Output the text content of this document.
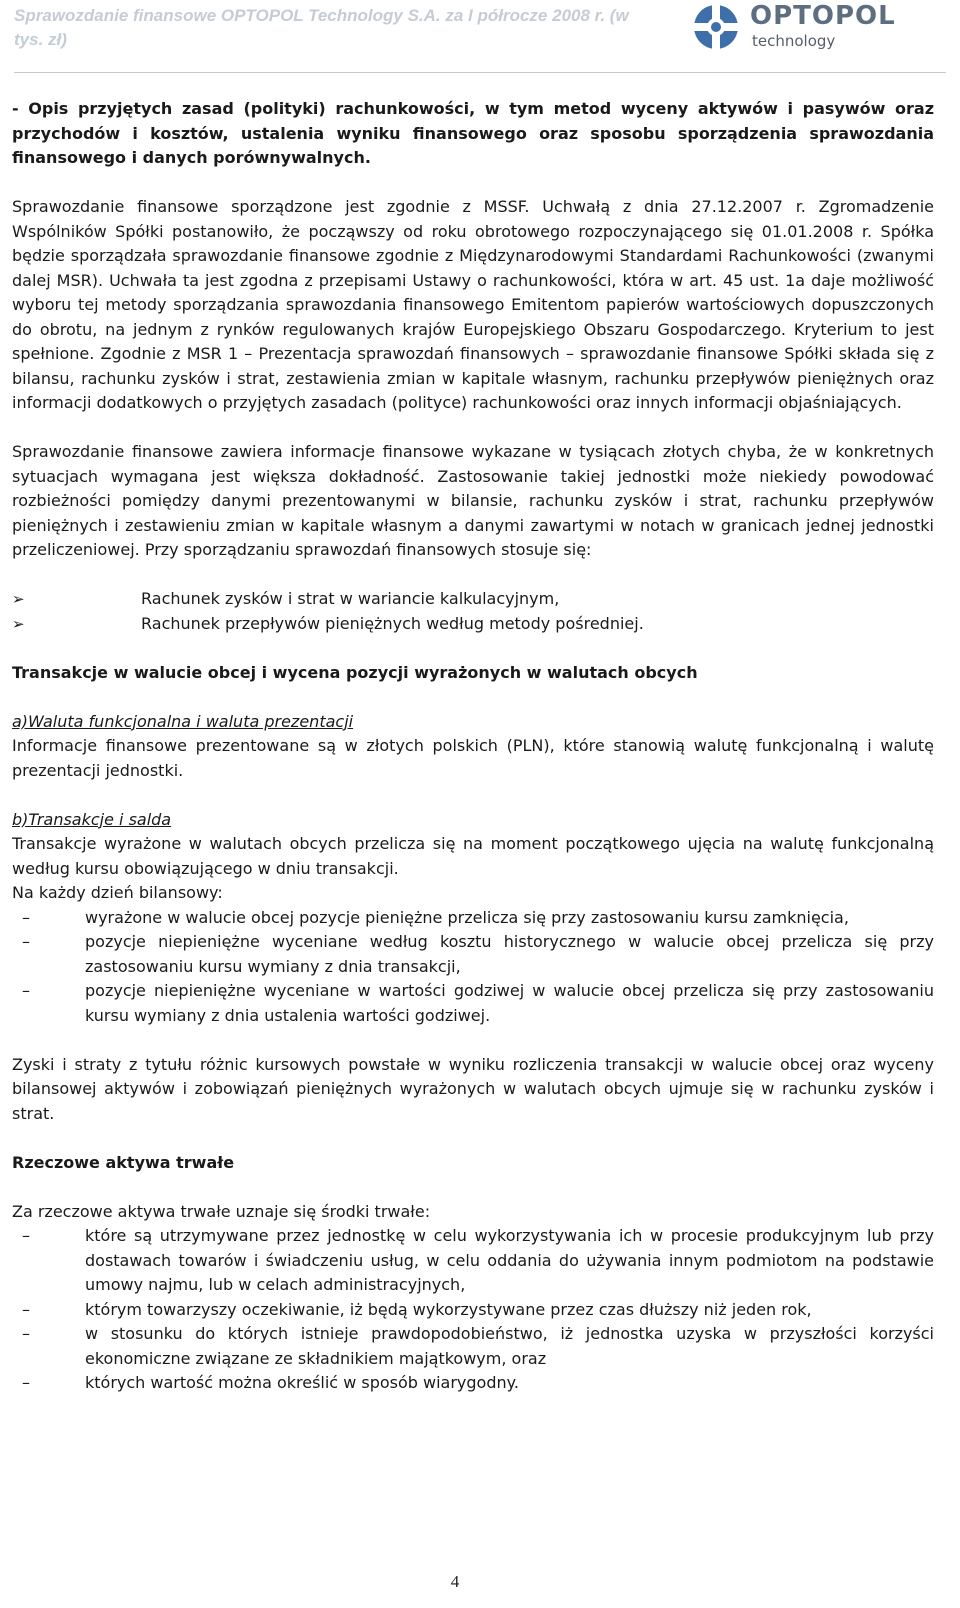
Sprawozdanie finansowe OPTOPOL Technology S.A. za I półrocze 2008 r. (w tys. zł)
OPTOPOL
technology

- Opis przyjętych zasad (polityki) rachunkowości, w tym metod wyceny aktywów i pasywów oraz przychodów i kosztów, ustalenia wyniku finansowego oraz sposobu sporządzenia sprawozdania finansowego i danych porównywalnych.

Sprawozdanie finansowe sporządzone jest zgodnie z MSSF. Uchwałą z dnia 27.12.2007 r. Zgromadzenie Wspólników Spółki postanowiło, że począwszy od roku obrotowego rozpoczynającego się 01.01.2008 r. Spółka będzie sporządzała sprawozdanie finansowe zgodnie z Międzynarodowymi Standardami Rachunkowości (zwanymi dalej MSR). Uchwała ta jest zgodna z przepisami Ustawy o rachunkowości, która w art. 45 ust. 1a daje możliwość wyboru tej metody sporządzania sprawozdania finansowego Emitentom papierów wartościowych dopuszczonych do obrotu, na jednym z rynków regulowanych krajów Europejskiego Obszaru Gospodarczego. Kryterium to jest spełnione. Zgodnie z MSR 1 – Prezentacja sprawozdań finansowych – sprawozdanie finansowe Spółki składa się z bilansu, rachunku zysków i strat, zestawienia zmian w kapitale własnym, rachunku przepływów pieniężnych oraz informacji dodatkowych o przyjętych zasadach (polityce) rachunkowości oraz innych informacji objaśniających.

Sprawozdanie finansowe zawiera informacje finansowe wykazane w tysiącach złotych chyba, że w konkretnych sytuacjach wymagana jest większa dokładność. Zastosowanie takiej jednostki może niekiedy powodować rozbieżności pomiędzy danymi prezentowanymi w bilansie, rachunku zysków i strat, rachunku przepływów pieniężnych i zestawieniu zmian w kapitale własnym a danymi zawartymi w notach w granicach jednej jednostki przeliczeniowej. Przy sporządzaniu sprawozdań finansowych stosuje się:

➢	Rachunek zysków i strat w wariancie kalkulacyjnym,
➢	Rachunek przepływów pieniężnych według metody pośredniej.

Transakcje w walucie obcej i wycena pozycji wyrażonych w walutach obcych

a)Waluta funkcjonalna i waluta prezentacji

Informacje finansowe prezentowane są w złotych polskich (PLN), które stanowią walutę funkcjonalną i walutę prezentacji jednostki.

b)Transakcje i salda

Transakcje wyrażone w walutach obcych przelicza się na moment początkowego ujęcia na walutę funkcjonalną według kursu obowiązującego w dniu transakcji.

Na każdy dzień bilansowy:

–	wyrażone w walucie obcej pozycje pieniężne przelicza się przy zastosowaniu kursu zamknięcia,
–	pozycje niepieniężne wyceniane według kosztu historycznego w walucie obcej przelicza się przy zastosowaniu kursu wymiany z dnia transakcji,
–	pozycje niepieniężne wyceniane w wartości godziwej w walucie obcej przelicza się przy zastosowaniu kursu wymiany z dnia ustalenia wartości godziwej.

Zyski i straty z tytułu różnic kursowych powstałe w wyniku rozliczenia transakcji w walucie obcej oraz wyceny bilansowej aktywów i zobowiązań pieniężnych wyrażonych w walutach obcych ujmuje się w rachunku zysków i strat.

Rzeczowe aktywa trwałe

Za rzeczowe aktywa trwałe uznaje się środki trwałe:

–	które są utrzymywane przez jednostkę w celu wykorzystywania ich w procesie produkcyjnym lub przy dostawach towarów i świadczeniu usług, w celu oddania do używania innym podmiotom na podstawie umowy najmu, lub w celach administracyjnych,
–	którym towarzyszy oczekiwanie, iż będą wykorzystywane przez czas dłuższy niż jeden rok,
–	w stosunku do których istnieje prawdopodobieństwo, iż jednostka uzyska w przyszłości korzyści ekonomiczne związane ze składnikiem majątkowym, oraz
–	których wartość można określić w sposób wiarygodny.
4
